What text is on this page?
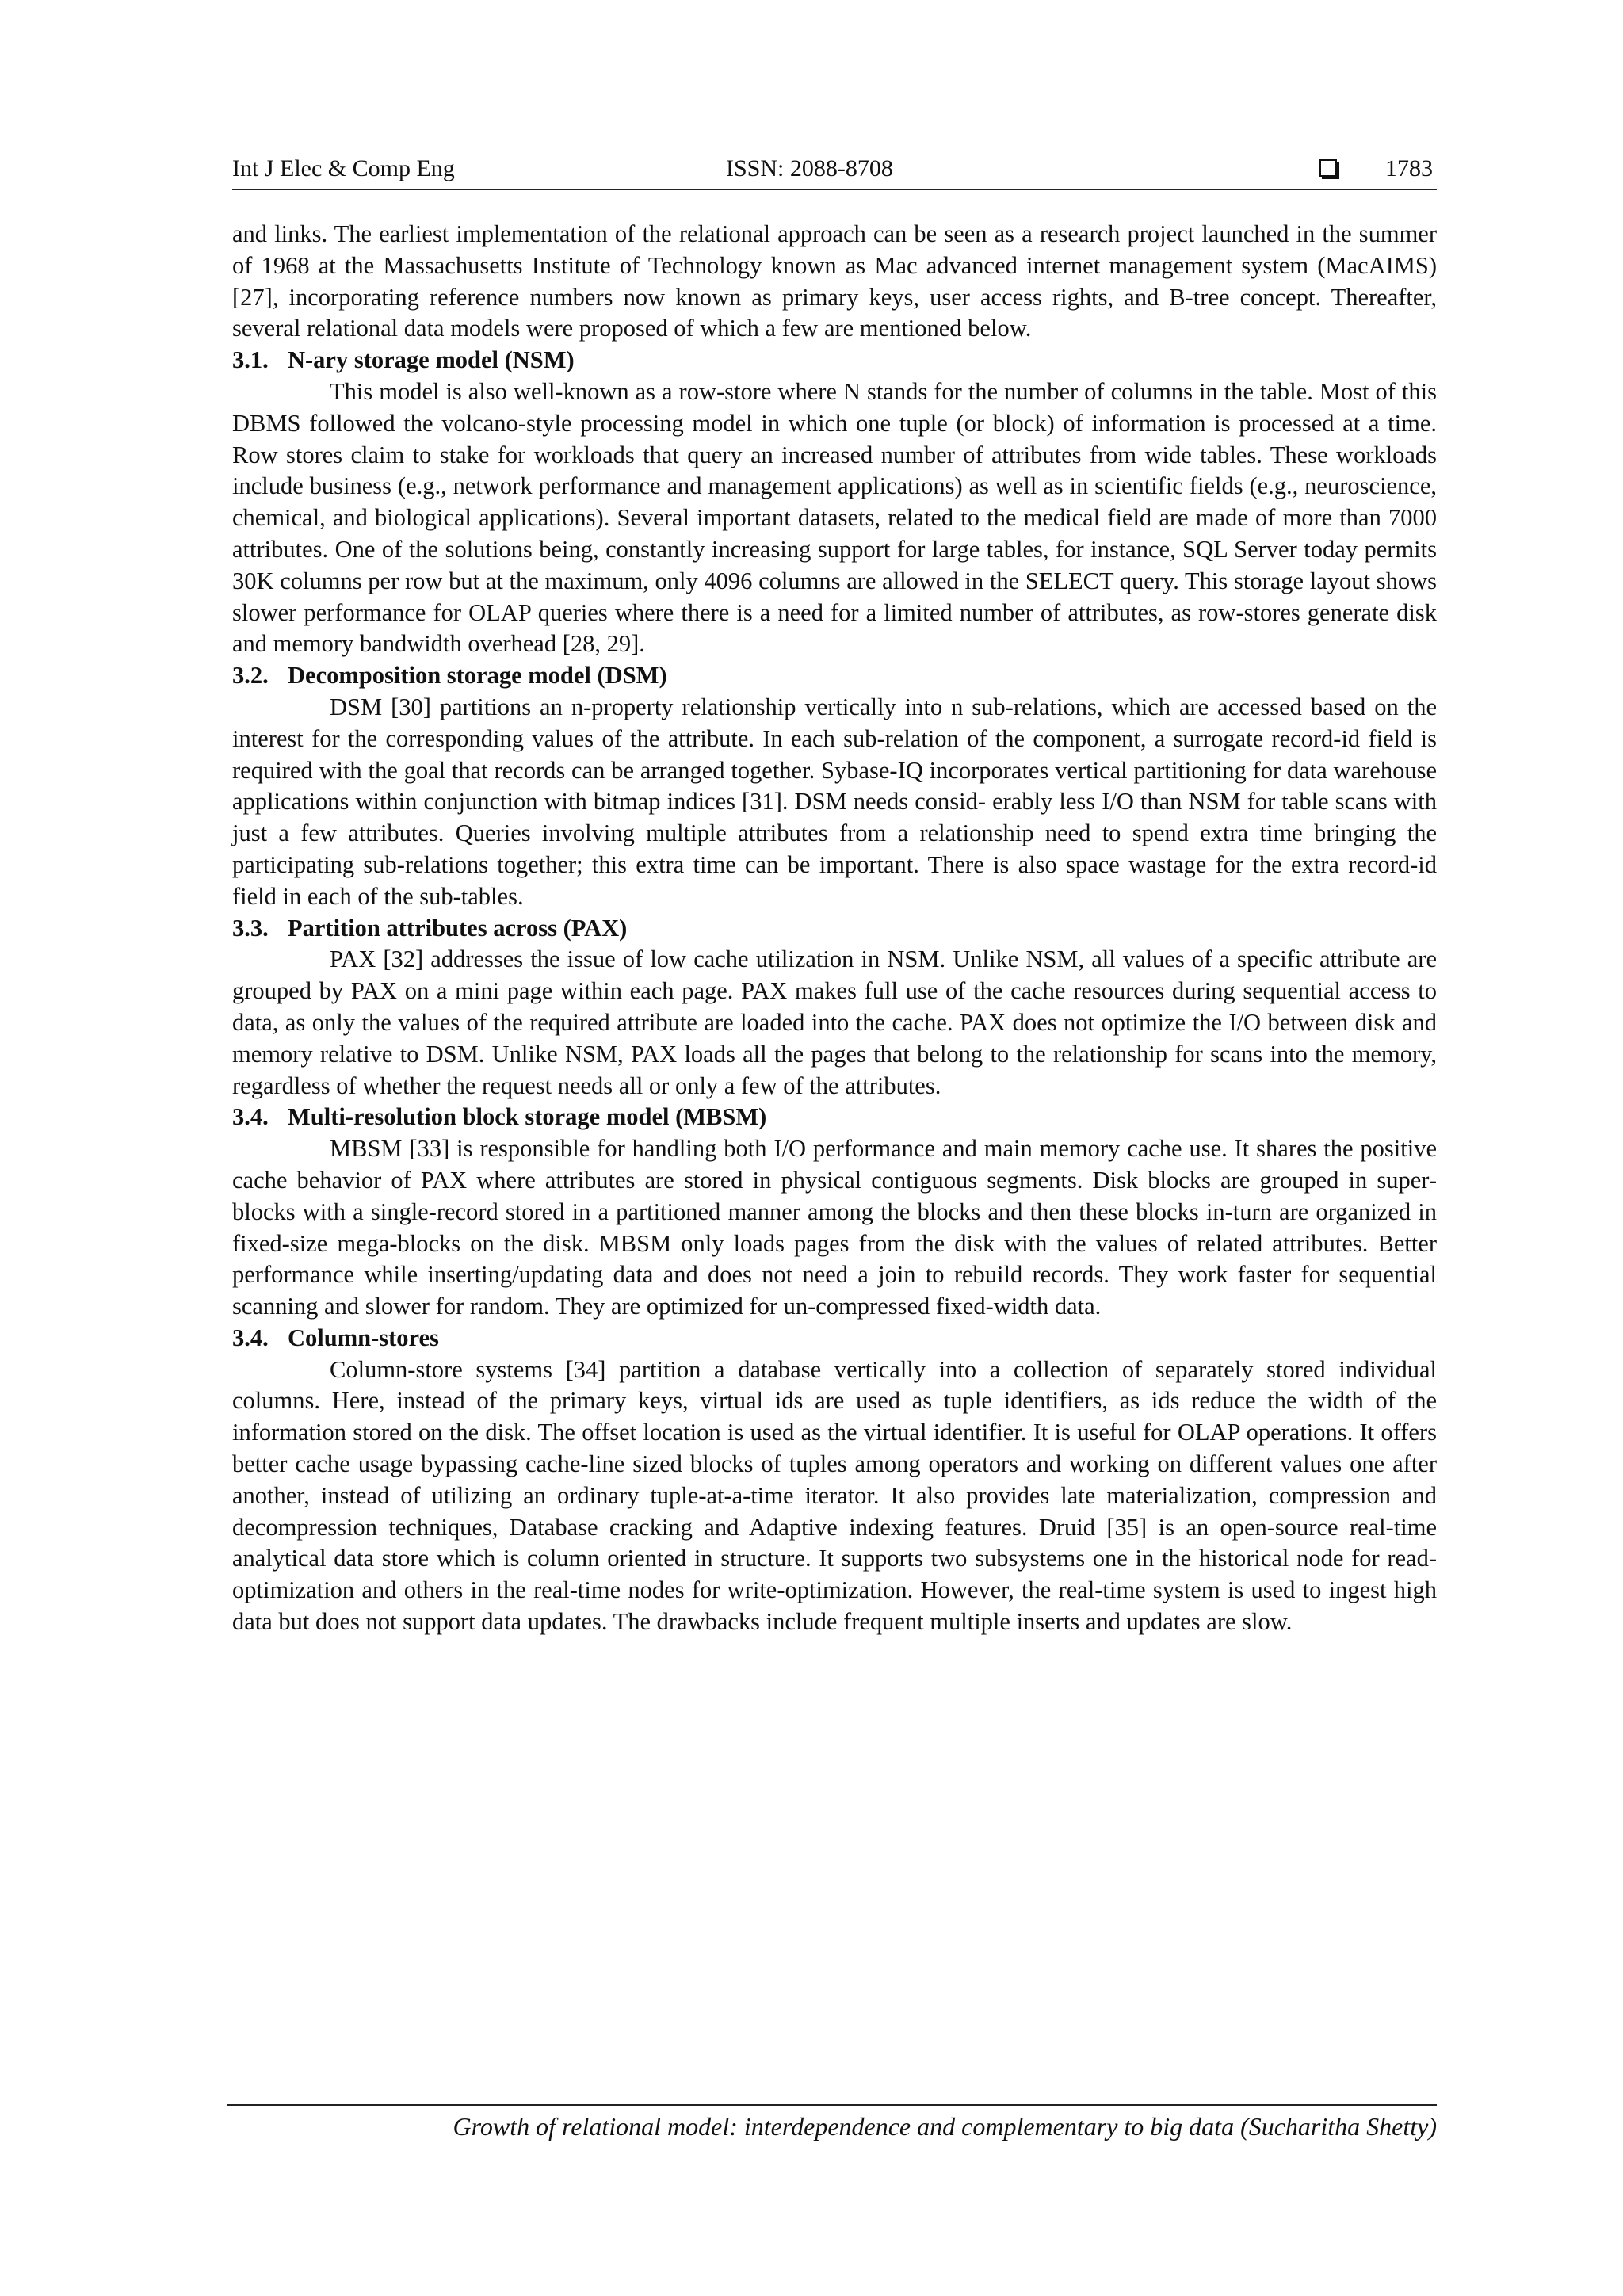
Int J Elec & Comp Eng	ISSN: 2088-8708	1783

and links. The earliest implementation of the relational approach can be seen as a research project launched in the summer of 1968 at the Massachusetts Institute of Technology known as Mac advanced internet management system (MacAIMS) [27], incorporating reference numbers now known as primary keys, user access rights, and B-tree concept. Thereafter, several relational data models were proposed of which a few are mentioned below.

3.1. N-ary storage model (NSM)

This model is also well-known as a row-store where N stands for the number of columns in the table. Most of this DBMS followed the volcano-style processing model in which one tuple (or block) of information is processed at a time. Row stores claim to stake for workloads that query an increased number of attributes from wide tables. These workloads include business (e.g., network performance and management applications) as well as in scientific fields (e.g., neuroscience, chemical, and biological applications). Several important datasets, related to the medical field are made of more than 7000 attributes. One of the solutions being, constantly increasing support for large tables, for instance, SQL Server today permits 30K columns per row but at the maximum, only 4096 columns are allowed in the SELECT query. This storage layout shows slower performance for OLAP queries where there is a need for a limited number of attributes, as row-stores generate disk and memory bandwidth overhead [28, 29].

3.2. Decomposition storage model (DSM)

DSM [30] partitions an n-property relationship vertically into n sub-relations, which are accessed based on the interest for the corresponding values of the attribute. In each sub-relation of the component, a surrogate record-id field is required with the goal that records can be arranged together. Sybase-IQ incorporates vertical partitioning for data warehouse applications within conjunction with bitmap indices [31]. DSM needs consid- erably less I/O than NSM for table scans with just a few attributes. Queries involving multiple attributes from a relationship need to spend extra time bringing the participating sub-relations together; this extra time can be important. There is also space wastage for the extra record-id field in each of the sub-tables.

3.3. Partition attributes across (PAX)

PAX [32] addresses the issue of low cache utilization in NSM. Unlike NSM, all values of a specific attribute are grouped by PAX on a mini page within each page. PAX makes full use of the cache resources during sequential access to data, as only the values of the required attribute are loaded into the cache. PAX does not optimize the I/O between disk and memory relative to DSM. Unlike NSM, PAX loads all the pages that belong to the relationship for scans into the memory, regardless of whether the request needs all or only a few of the attributes.

3.4. Multi-resolution block storage model (MBSM)

MBSM [33] is responsible for handling both I/O performance and main memory cache use. It shares the positive cache behavior of PAX where attributes are stored in physical contiguous segments. Disk blocks are grouped in super-blocks with a single-record stored in a partitioned manner among the blocks and then these blocks in-turn are organized in fixed-size mega-blocks on the disk. MBSM only loads pages from the disk with the values of related attributes. Better performance while inserting/updating data and does not need a join to rebuild records. They work faster for sequential scanning and slower for random. They are optimized for un-compressed fixed-width data.

3.4. Column-stores

Column-store systems [34] partition a database vertically into a collection of separately stored individual columns. Here, instead of the primary keys, virtual ids are used as tuple identifiers, as ids reduce the width of the information stored on the disk. The offset location is used as the virtual identifier. It is useful for OLAP operations. It offers better cache usage bypassing cache-line sized blocks of tuples among operators and working on different values one after another, instead of utilizing an ordinary tuple-at-a-time iterator. It also provides late materialization, compression and decompression techniques, Database cracking and Adaptive indexing features. Druid [35] is an open-source real-time analytical data store which is column oriented in structure. It supports two subsystems one in the historical node for read-optimization and others in the real-time nodes for write-optimization. However, the real-time system is used to ingest high data but does not support data updates. The drawbacks include frequent multiple inserts and updates are slow.

Growth of relational model: interdependence and complementary to big data (Sucharitha Shetty)
